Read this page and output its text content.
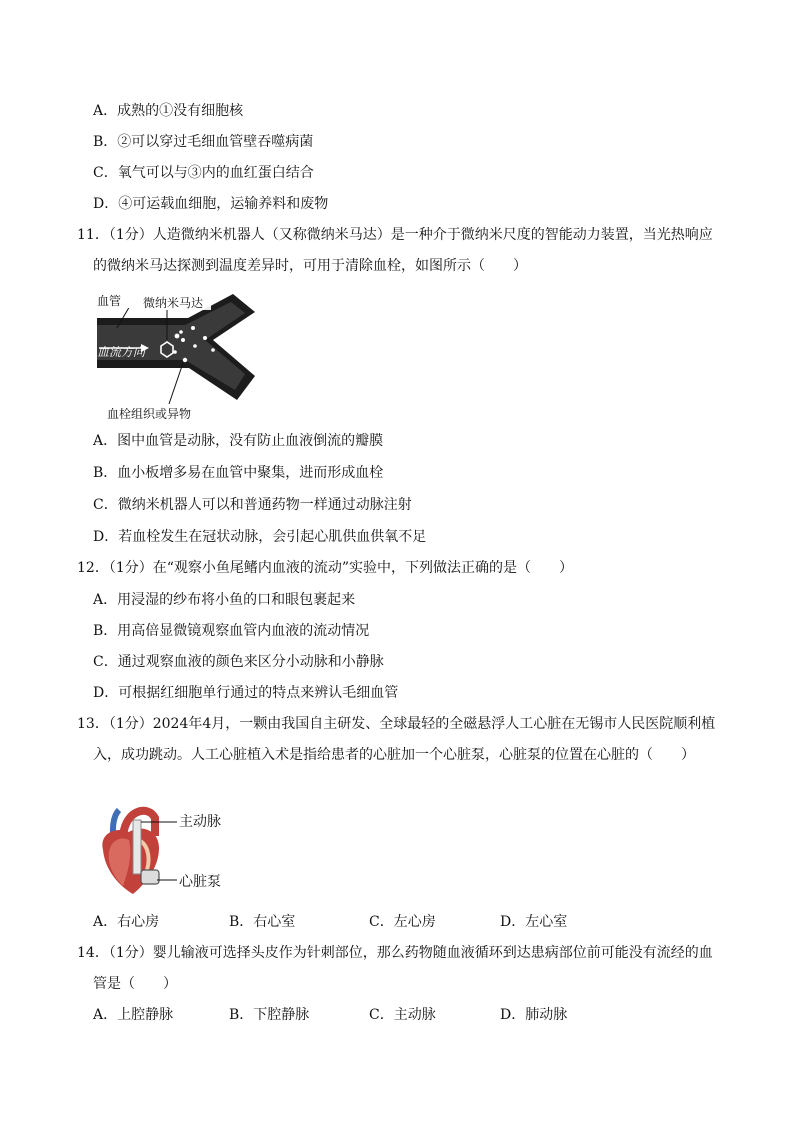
A．成熟的①没有细胞核
B．②可以穿过毛细血管壁吞噬病菌
C．氧气可以与③内的血红蛋白结合
D．④可运载血细胞，运输养料和废物
11．（1分）人造微纳米机器人（又称微纳米马达）是一种介于微纳米尺度的智能动力装置，当光热响应
的微纳米马达探测到温度差异时，可用于清除血栓，如图所示（　　）
血管 微纳米马达
血流方向
血栓组织或异物
A．图中血管是动脉，没有防止血液倒流的瓣膜
B．血小板增多易在血管中聚集，进而形成血栓
C．微纳米机器人可以和普通药物一样通过动脉注射
D．若血栓发生在冠状动脉，会引起心肌供血供氧不足
12．（1分）在“观察小鱼尾鳍内血液的流动”实验中，下列做法正确的是（　　）
A．用浸湿的纱布将小鱼的口和眼包裹起来
B．用高倍显微镜观察血管内血液的流动情况
C．通过观察血液的颜色来区分小动脉和小静脉
D．可根据红细胞单行通过的特点来辨认毛细血管
13．（1分）2024年4月，一颗由我国自主研发、全球最轻的全磁悬浮人工心脏在无锡市人民医院顺利植
入，成功跳动。人工心脏植入术是指给患者的心脏加一个心脏泵，心脏泵的位置在心脏的（　　）
主动脉
心脏泵
A．右心房	B．右心室	C．左心房	D．左心室
14．（1分）婴儿输液可选择头皮作为针刺部位，那么药物随血液循环到达患病部位前可能没有流经的血
管是（　　）
A．上腔静脉	B．下腔静脉	C．主动脉	D．肺动脉
